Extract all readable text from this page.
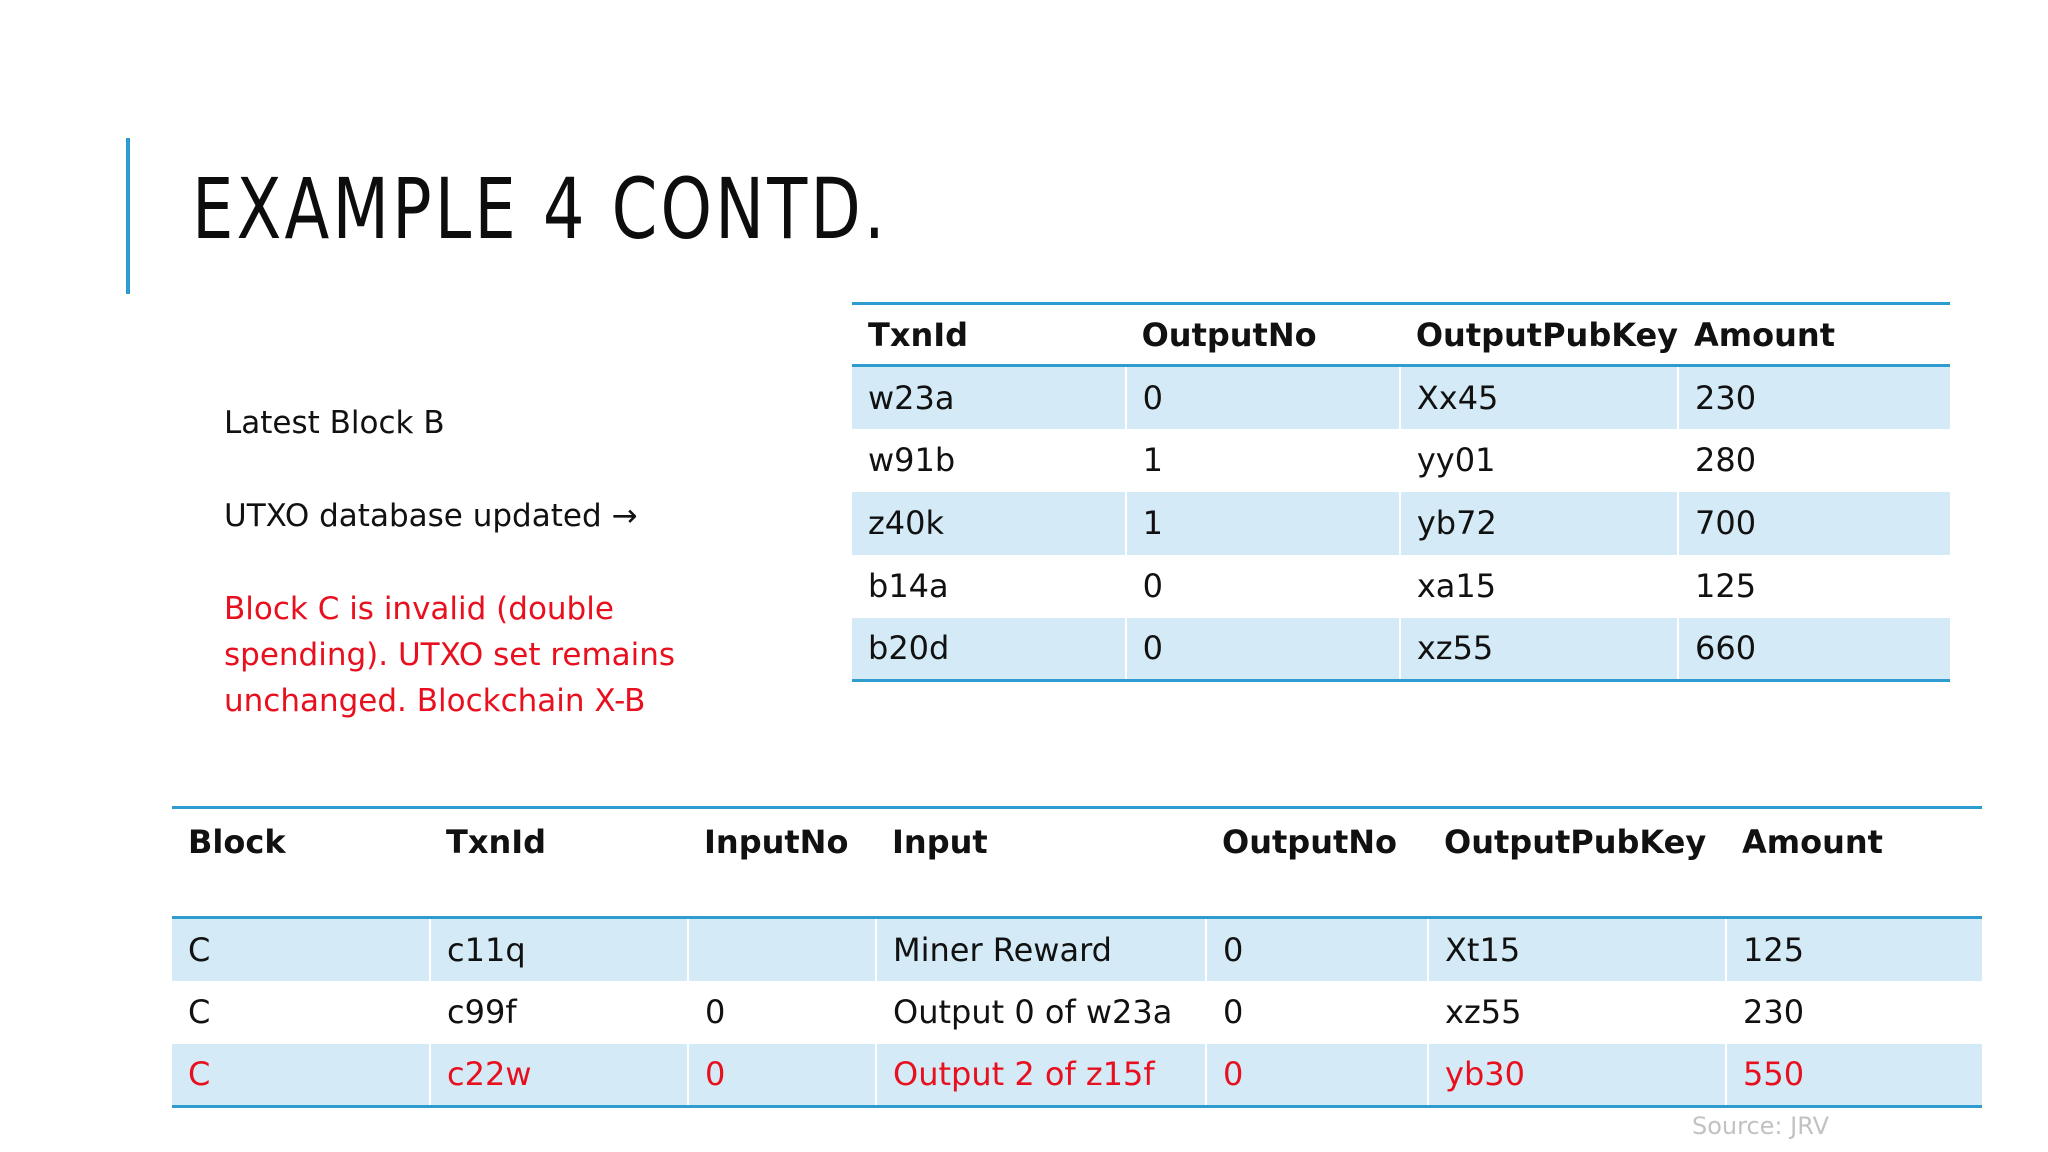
EXAMPLE 4 CONTD.
Latest Block B
UTXO database updated →
Block C is invalid (double spending). UTXO set remains unchanged. Blockchain X-B
TxnId	OutputNo	OutputPubKey	Amount
w23a	0	Xx45	230
w91b	1	yy01	280
z40k	1	yb72	700
b14a	0	xa15	125
b20d	0	xz55	660
Block	TxnId	InputNo	Input	OutputNo	OutputPubKey	Amount
C	c11q		Miner Reward	0	Xt15	125
C	c99f	0	Output 0 of w23a	0	xz55	230
C	c22w	0	Output 2 of z15f	0	yb30	550
Source: JRV
